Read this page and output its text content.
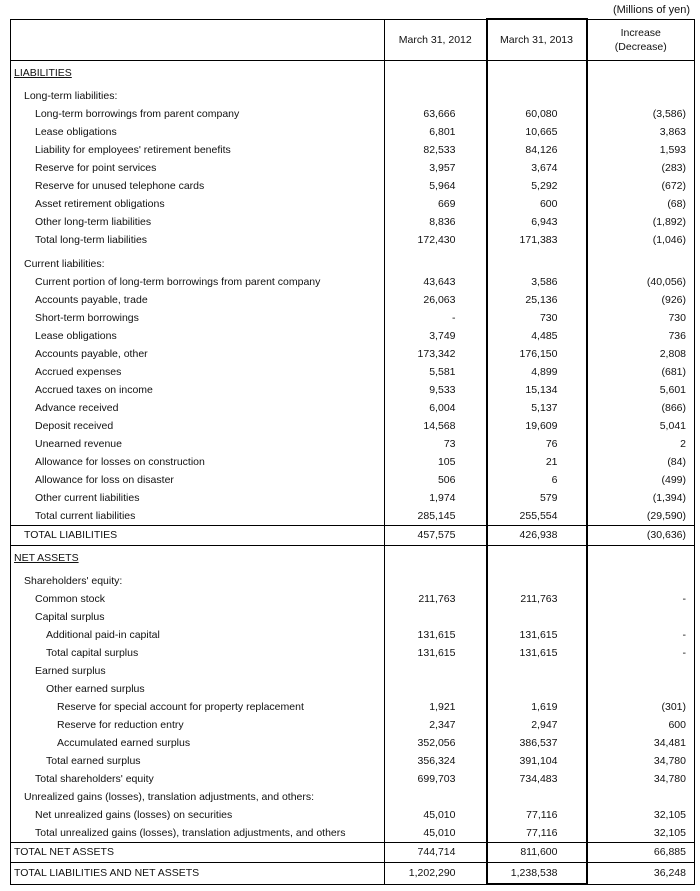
(Millions of yen)
	March 31, 2012	March 31, 2013	Increase
(Decrease)

LIABILITIES			

Long-term liabilities:			
Long-term borrowings from parent company	63,666	60,080	(3,586)
Lease obligations	6,801	10,665	3,863
Liability for employees' retirement benefits	82,533	84,126	1,593
Reserve for point services	3,957	3,674	(283)
Reserve for unused telephone cards	5,964	5,292	(672)
Asset retirement obligations	669	600	(68)
Other long-term liabilities	8,836	6,943	(1,892)
Total long-term liabilities	172,430	171,383	(1,046)

Current liabilities:			
Current portion of long-term borrowings from parent company	43,643	3,586	(40,056)
Accounts payable, trade	26,063	25,136	(926)
Short-term borrowings	-	730	730
Lease obligations	3,749	4,485	736
Accounts payable, other	173,342	176,150	2,808
Accrued expenses	5,581	4,899	(681)
Accrued taxes on income	9,533	15,134	5,601
Advance received	6,004	5,137	(866)
Deposit received	14,568	19,609	5,041
Unearned revenue	73	76	2
Allowance for losses on construction	105	21	(84)
Allowance for loss on disaster	506	6	(499)
Other current liabilities	1,974	579	(1,394)
Total current liabilities	285,145	255,554	(29,590)
TOTAL LIABILITIES	457,575	426,938	(30,636)

NET ASSETS			

Shareholders' equity:			
Common stock	211,763	211,763	-
Capital surplus			
Additional paid-in capital	131,615	131,615	-
Total capital surplus	131,615	131,615	-
Earned surplus			
Other earned surplus			
Reserve for special account for property replacement	1,921	1,619	(301)
Reserve for reduction entry	2,347	2,947	600
Accumulated earned surplus	352,056	386,537	34,481
Total earned surplus	356,324	391,104	34,780
Total shareholders' equity	699,703	734,483	34,780
Unrealized gains (losses), translation adjustments, and others:			
Net unrealized gains (losses) on securities	45,010	77,116	32,105
Total unrealized gains (losses), translation adjustments, and others	45,010	77,116	32,105
TOTAL NET ASSETS	744,714	811,600	66,885
TOTAL LIABILITIES AND NET ASSETS	1,202,290	1,238,538	36,248
